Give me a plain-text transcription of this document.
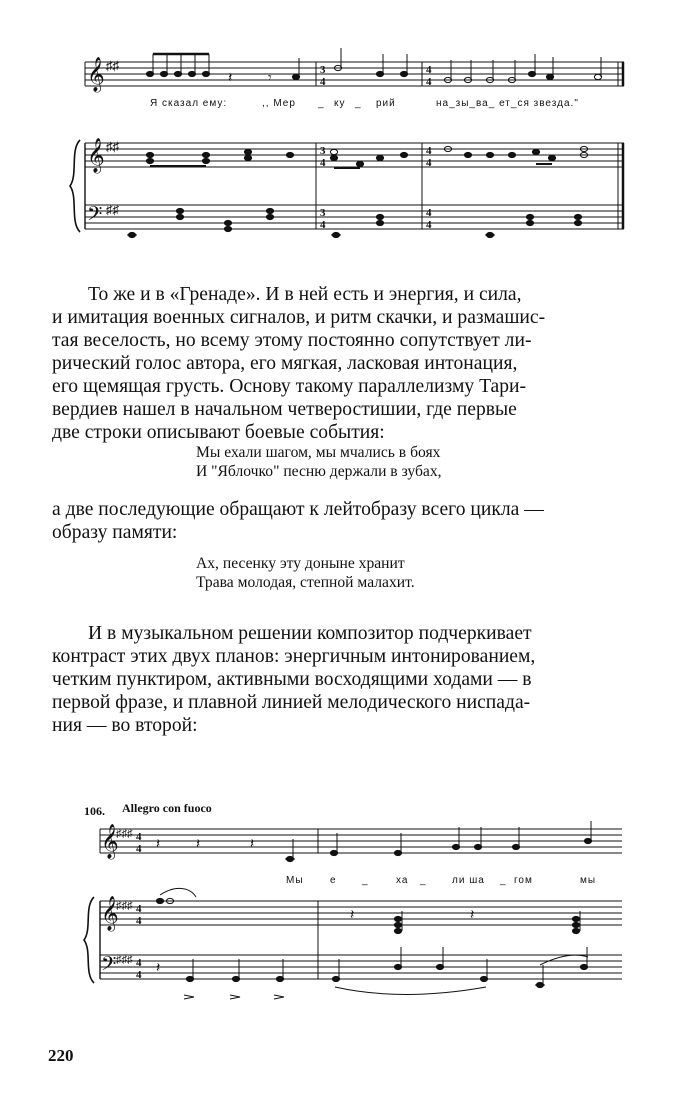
𝄞
𝄞
𝄢
♯♯
♯♯
♯♯
3
4
4
4
3
4
4
4
3
4
4
4
𝄽	𝄾
Я сказал ему:	,, Мер _ ку _ рий	на_зы_ва_ ет_ся звезда."
То же и в «Гренаде». И в ней есть и энергия, и сила,
и имитация военных сигналов, и ритм скачки, и размашис-
тая веселость, но всему этому постоянно сопутствует ли-
рический голос автора, его мягкая, ласковая интонация,
его щемящая грусть. Основу такому параллелизму Тари-
вердиев нашел в начальном четверостишии, где первые
две строки описывают боевые события:
Мы ехали шагом, мы мчались в боях
И "Яблочко" песню держали в зубах,
а две последующие обращают к лейтобразу всего цикла —
образу памяти:
Ах, песенку эту доныне хранит
Трава молодая, степной малахит.
И в музыкальном решении композитор подчеркивает
контраст этих двух планов: энергичным интонированием,
четким пунктиром, активными восходящими ходами — в
первой фразе, и плавной линией мелодического ниспада-
ния — во второй:
106. Allegro con fuoco
𝄞
𝄞
𝄢
♯♯♯
♯♯♯
♯♯♯
4
4
4
4
4
4
𝄽	𝄽	𝄽
Мы	е	_	ха _	ли ша _ гом	мы
𝄽	𝄽
𝄽
220
